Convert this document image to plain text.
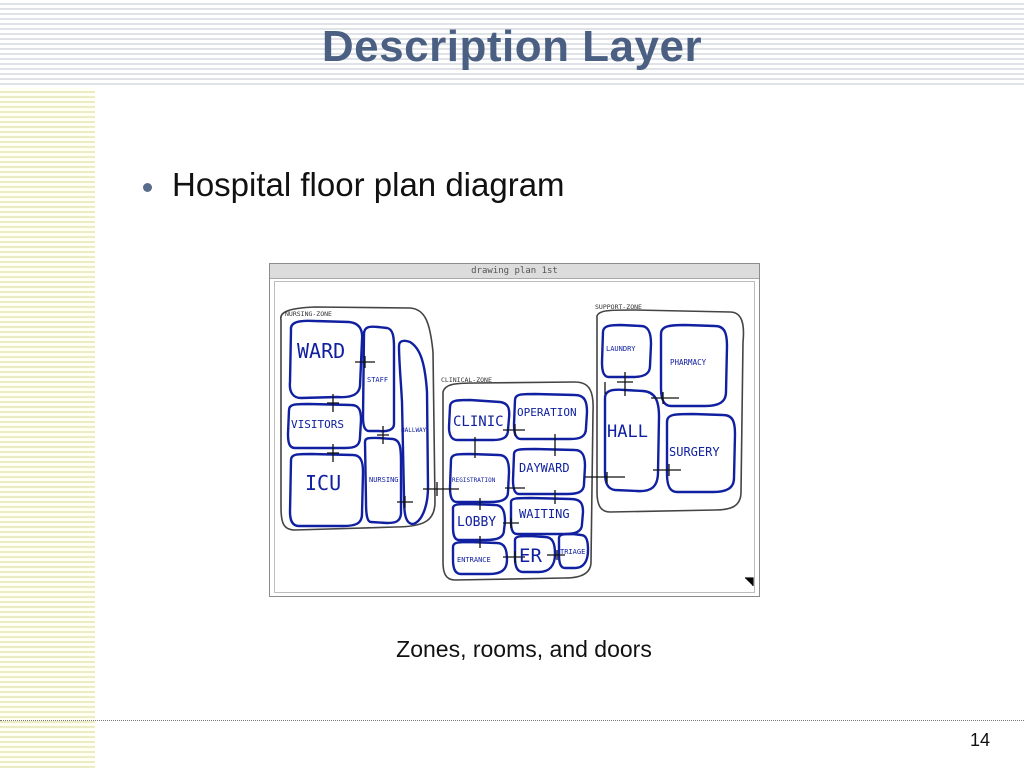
Description Layer
Hospital floor plan diagram
drawing plan 1st
NURSING-ZONE
CLINICAL-ZONE
SUPPORT-ZONE
WARD
STAFF
HALLWAY
VISITORS
NURSING
ICU
CLINIC
OPERATION
REGISTRATION
DAYWARD
LOBBY
WAITING
ENTRANCE ER	TRIAGE
LAUNDRY
PHARMACY
HALL
SURGERY
Zones, rooms, and doors
14
